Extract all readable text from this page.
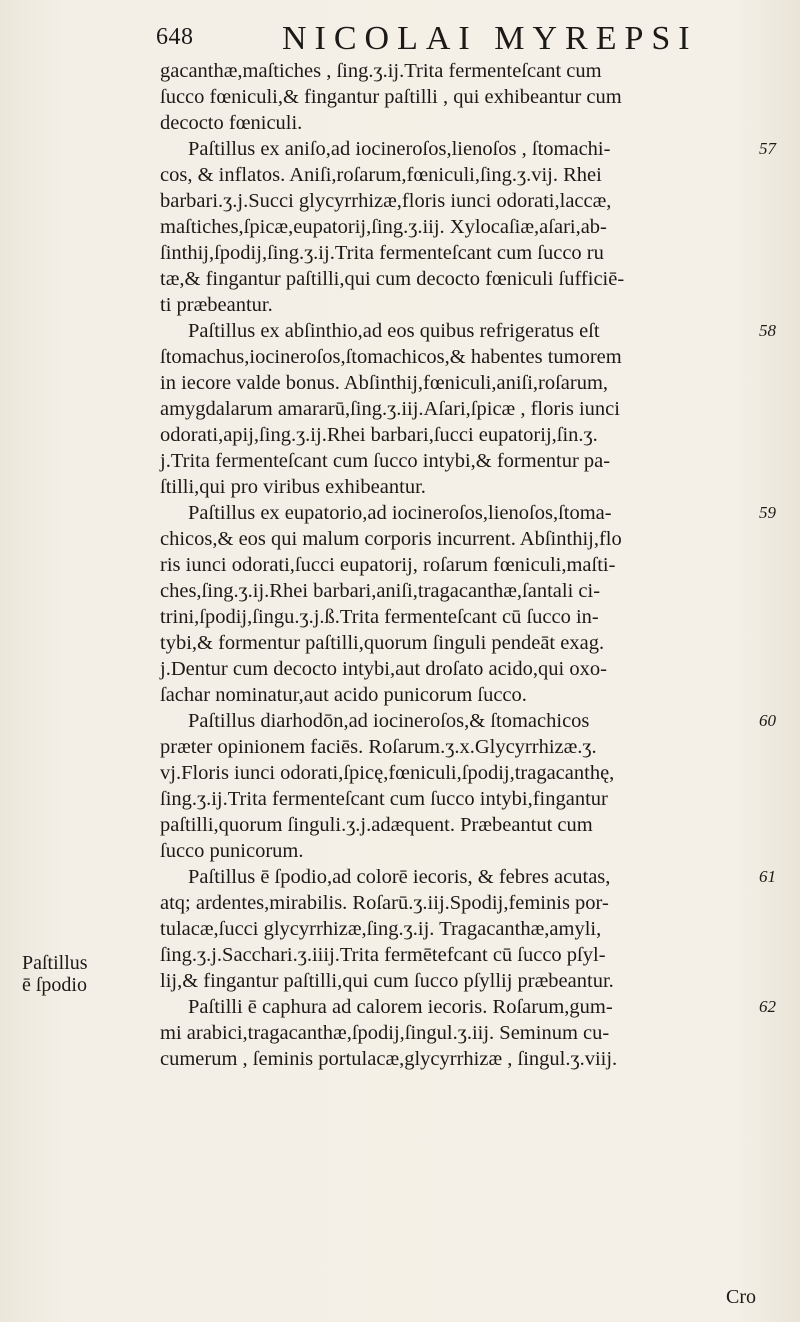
648	NICOLAI MYREPSI
gacanthæ,maſtiches , ſing.ʒ.ij.Trita fermenteſcant cum
ſucco fœniculi,& fingantur paſtilli , qui exhibeantur cum
decocto fœniculi.
Paſtillus ex aniſo,ad iocineroſos,lienoſos , ſtomachi-
cos, & inflatos. Aniſi,roſarum,fœniculi,ſing.ʒ.vij. Rhei
barbari.ʒ.j.Succi glycyrrhizæ,floris iunci odorati,laccæ,
maſtiches,ſpicæ,eupatorij,ſing.ʒ.iij. Xylocaſiæ,aſari,ab-
ſinthij,ſpodij,ſing.ʒ.ij.Trita fermenteſcant cum ſucco ru
tæ,& fingantur paſtilli,qui cum decocto fœniculi ſufficiē-
ti præbeantur.
Paſtillus ex abſinthio,ad eos quibus refrigeratus eſt
ſtomachus,iocineroſos,ſtomachicos,& habentes tumorem
in iecore valde bonus. Abſinthij,fœniculi,aniſi,roſarum,
amygdalarum amararū,ſing.ʒ.iij.Aſari,ſpicæ , floris iunci
odorati,apij,ſing.ʒ.ij.Rhei barbari,ſucci eupatorij,ſin.ʒ.
j.Trita fermenteſcant cum ſucco intybi,& formentur pa-
ſtilli,qui pro viribus exhibeantur.
Paſtillus ex eupatorio,ad iocineroſos,lienoſos,ſtoma-
chicos,& eos qui malum corporis incurrent. Abſinthij,flo
ris iunci odorati,ſucci eupatorij, roſarum fœniculi,maſti-
ches,ſing.ʒ.ij.Rhei barbari,aniſi,tragacanthæ,ſantali ci-
trini,ſpodij,ſingu.ʒ.j.ß.Trita fermenteſcant cū ſucco in-
tybi,& formentur paſtilli,quorum ſinguli pendeāt exag.
j.Dentur cum decocto intybi,aut droſato acido,qui oxo-
ſachar nominatur,aut acido punicorum ſucco.
Paſtillus diarhodōn,ad iocineroſos,& ſtomachicos
præter opinionem faciēs. Roſarum.ʒ.x.Glycyrrhizæ.ʒ.
vj.Floris iunci odorati,ſpicę,fœniculi,ſpodij,tragacanthę,
ſing.ʒ.ij.Trita fermenteſcant cum ſucco intybi,fingantur
paſtilli,quorum ſinguli.ʒ.j.adæquent. Præbeantut cum
ſucco punicorum.
Paſtillus ē ſpodio,ad colorē iecoris, & febres acutas,
atq; ardentes,mirabilis. Roſarū.ʒ.iij.Spodij,feminis por-
tulacæ,ſucci glycyrrhizæ,ſing.ʒ.ij. Tragacanthæ,amyli,
ſing.ʒ.j.Sacchari.ʒ.iiij.Trita fermētefcant cū ſucco pſyl-
lij,& fingantur paſtilli,qui cum ſucco pſyllij præbeantur.
Paſtilli ē caphura ad calorem iecoris. Roſarum,gum-
mi arabici,tragacanthæ,ſpodij,ſingul.ʒ.iij. Seminum cu-
cumerum , ſeminis portulacæ,glycyrrhizæ , ſingul.ʒ.viij.
Paſtillus
ē ſpodio
Cro
57
58
59
60
61
62
